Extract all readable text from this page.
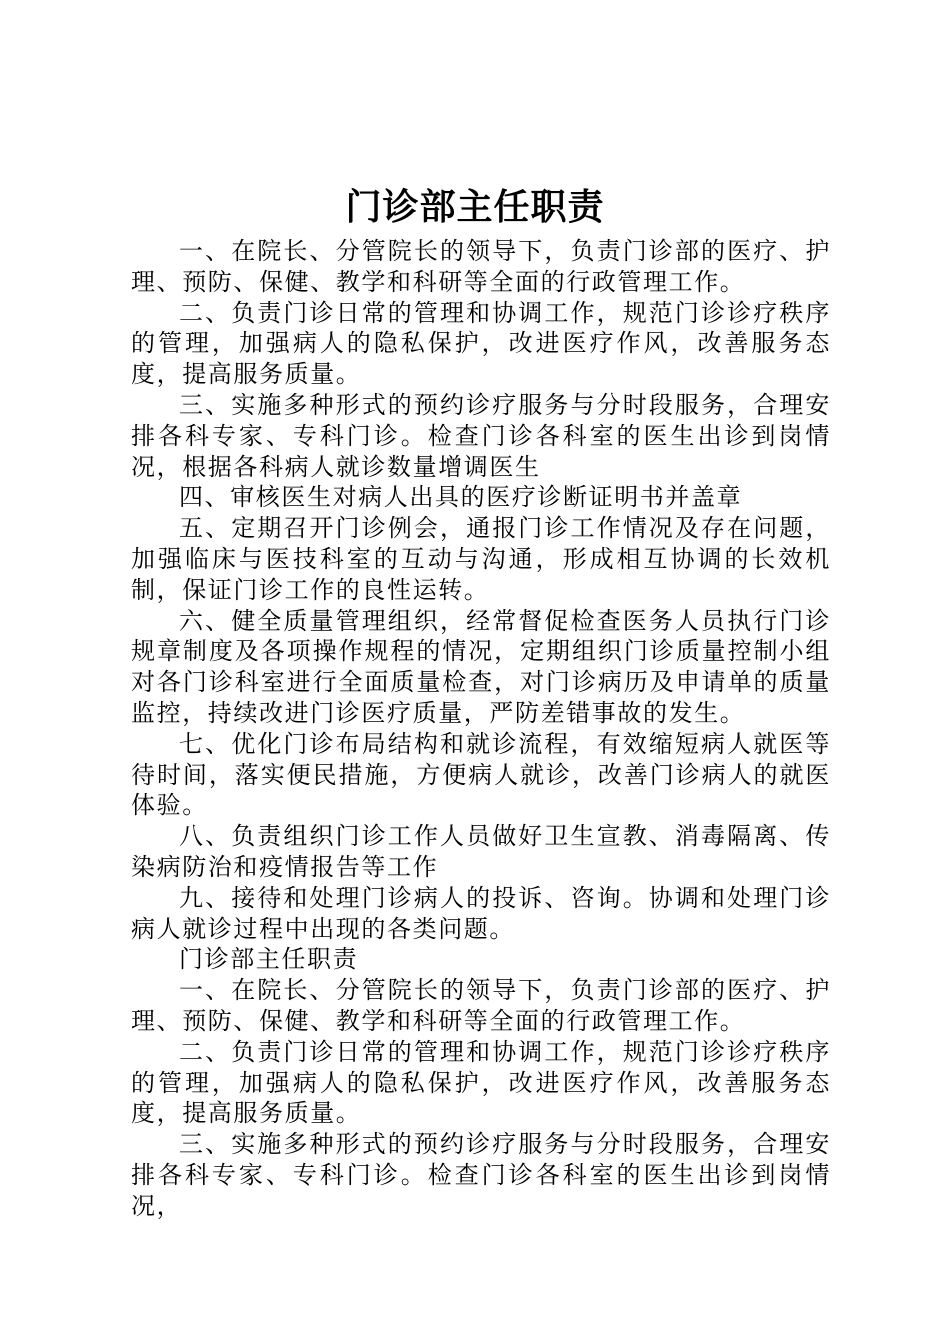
门诊部主任职责

一、在院长、分管院长的领导下，负责门诊部的医疗、护理、预防、保健、教学和科研等全面的行政管理工作。

二、负责门诊日常的管理和协调工作，规范门诊诊疗秩序的管理，加强病人的隐私保护，改进医疗作风，改善服务态度，提高服务质量。

三、实施多种形式的预约诊疗服务与分时段服务，合理安排各科专家、专科门诊。检查门诊各科室的医生出诊到岗情况，根据各科病人就诊数量增调医生

四、审核医生对病人出具的医疗诊断证明书并盖章

五、定期召开门诊例会，通报门诊工作情况及存在问题，加强临床与医技科室的互动与沟通，形成相互协调的长效机制，保证门诊工作的良性运转。

六、健全质量管理组织，经常督促检查医务人员执行门诊规章制度及各项操作规程的情况，定期组织门诊质量控制小组对各门诊科室进行全面质量检查，对门诊病历及申请单的质量监控，持续改进门诊医疗质量，严防差错事故的发生。

七、优化门诊布局结构和就诊流程，有效缩短病人就医等待时间，落实便民措施，方便病人就诊，改善门诊病人的就医体验。

八、负责组织门诊工作人员做好卫生宣教、消毒隔离、传染病防治和疫情报告等工作

九、接待和处理门诊病人的投诉、咨询。协调和处理门诊病人就诊过程中出现的各类问题。

门诊部主任职责

一、在院长、分管院长的领导下，负责门诊部的医疗、护理、预防、保健、教学和科研等全面的行政管理工作。

二、负责门诊日常的管理和协调工作，规范门诊诊疗秩序的管理，加强病人的隐私保护，改进医疗作风，改善服务态度，提高服务质量。

三、实施多种形式的预约诊疗服务与分时段服务，合理安排各科专家、专科门诊。检查门诊各科室的医生出诊到岗情况，
